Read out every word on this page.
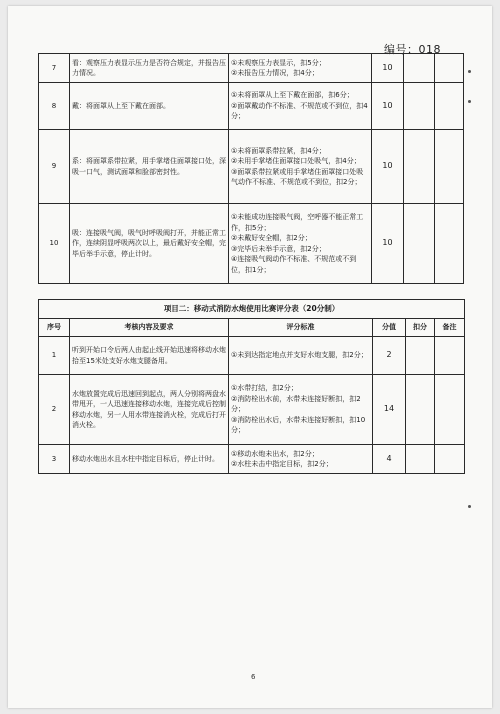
编号：018
7	看：观察压力表显示压力是否符合规定，并报告压力情况。	①未观察压力表显示，扣5分；
②未报告压力情况，扣4分；	10		
8	戴：将面罩从上至下戴在面部。	①未将面罩从上至下戴在面部，扣6分；
②面罩戴动作不标准、不规范或不到位，扣4分；	10		
9	系：将面罩系带拉紧，用手掌堵住面罩接口处，深吸一口气，测试面罩和脸部密封性。	①未将面罩系带拉紧，扣4分；
②未用手掌堵住面罩接口处吸气，扣4分；
③面罩系带拉紧或用手掌堵住面罩接口处吸气动作不标准、不规范或不到位，扣2分；	10		
10	吸：连接吸气阀，吸气时呼吸阀打开，并能正常工作，连续阴显呼吸两次以上，最后戴好安全帽，完毕后举手示意，停止计时。	①未能成功连接吸气阀，空呼器不能正常工作，扣5分；
②未戴好安全帽，扣2分；
③完毕后未举手示意，扣2分；
④连接吸气阀动作不标准、不规范或不到位，扣1分；	10		
项目二：移动式消防水炮使用比赛评分表（20分制）					
序号	考核内容及要求	评分标准	分值	扣分	备注
1	听到开始口令后两人由起止线开始迅速将移动水炮拾至15米处支好水炮支腿备用。	①未到达指定地点并支好水炮支腿，扣2分；	2		
2	水炮放置完成后迅速回到起点，两人分别将两盘水带甩开，一人迅速连接移动水炮，连接完成后控制移动水炮，另一人用水带连接消火栓，完成后打开消火栓。	①水带打结，扣2分；
②消防栓出水前，水带未连接好断扣，扣2分；
③消防栓出水后，水带未连接好断扣，扣10分；	14		
3	移动水炮出水且水柱中指定目标后，停止计时。	①移动水炮未出水，扣2分；
②水柱未击中指定目标，扣2分；	4		
6
